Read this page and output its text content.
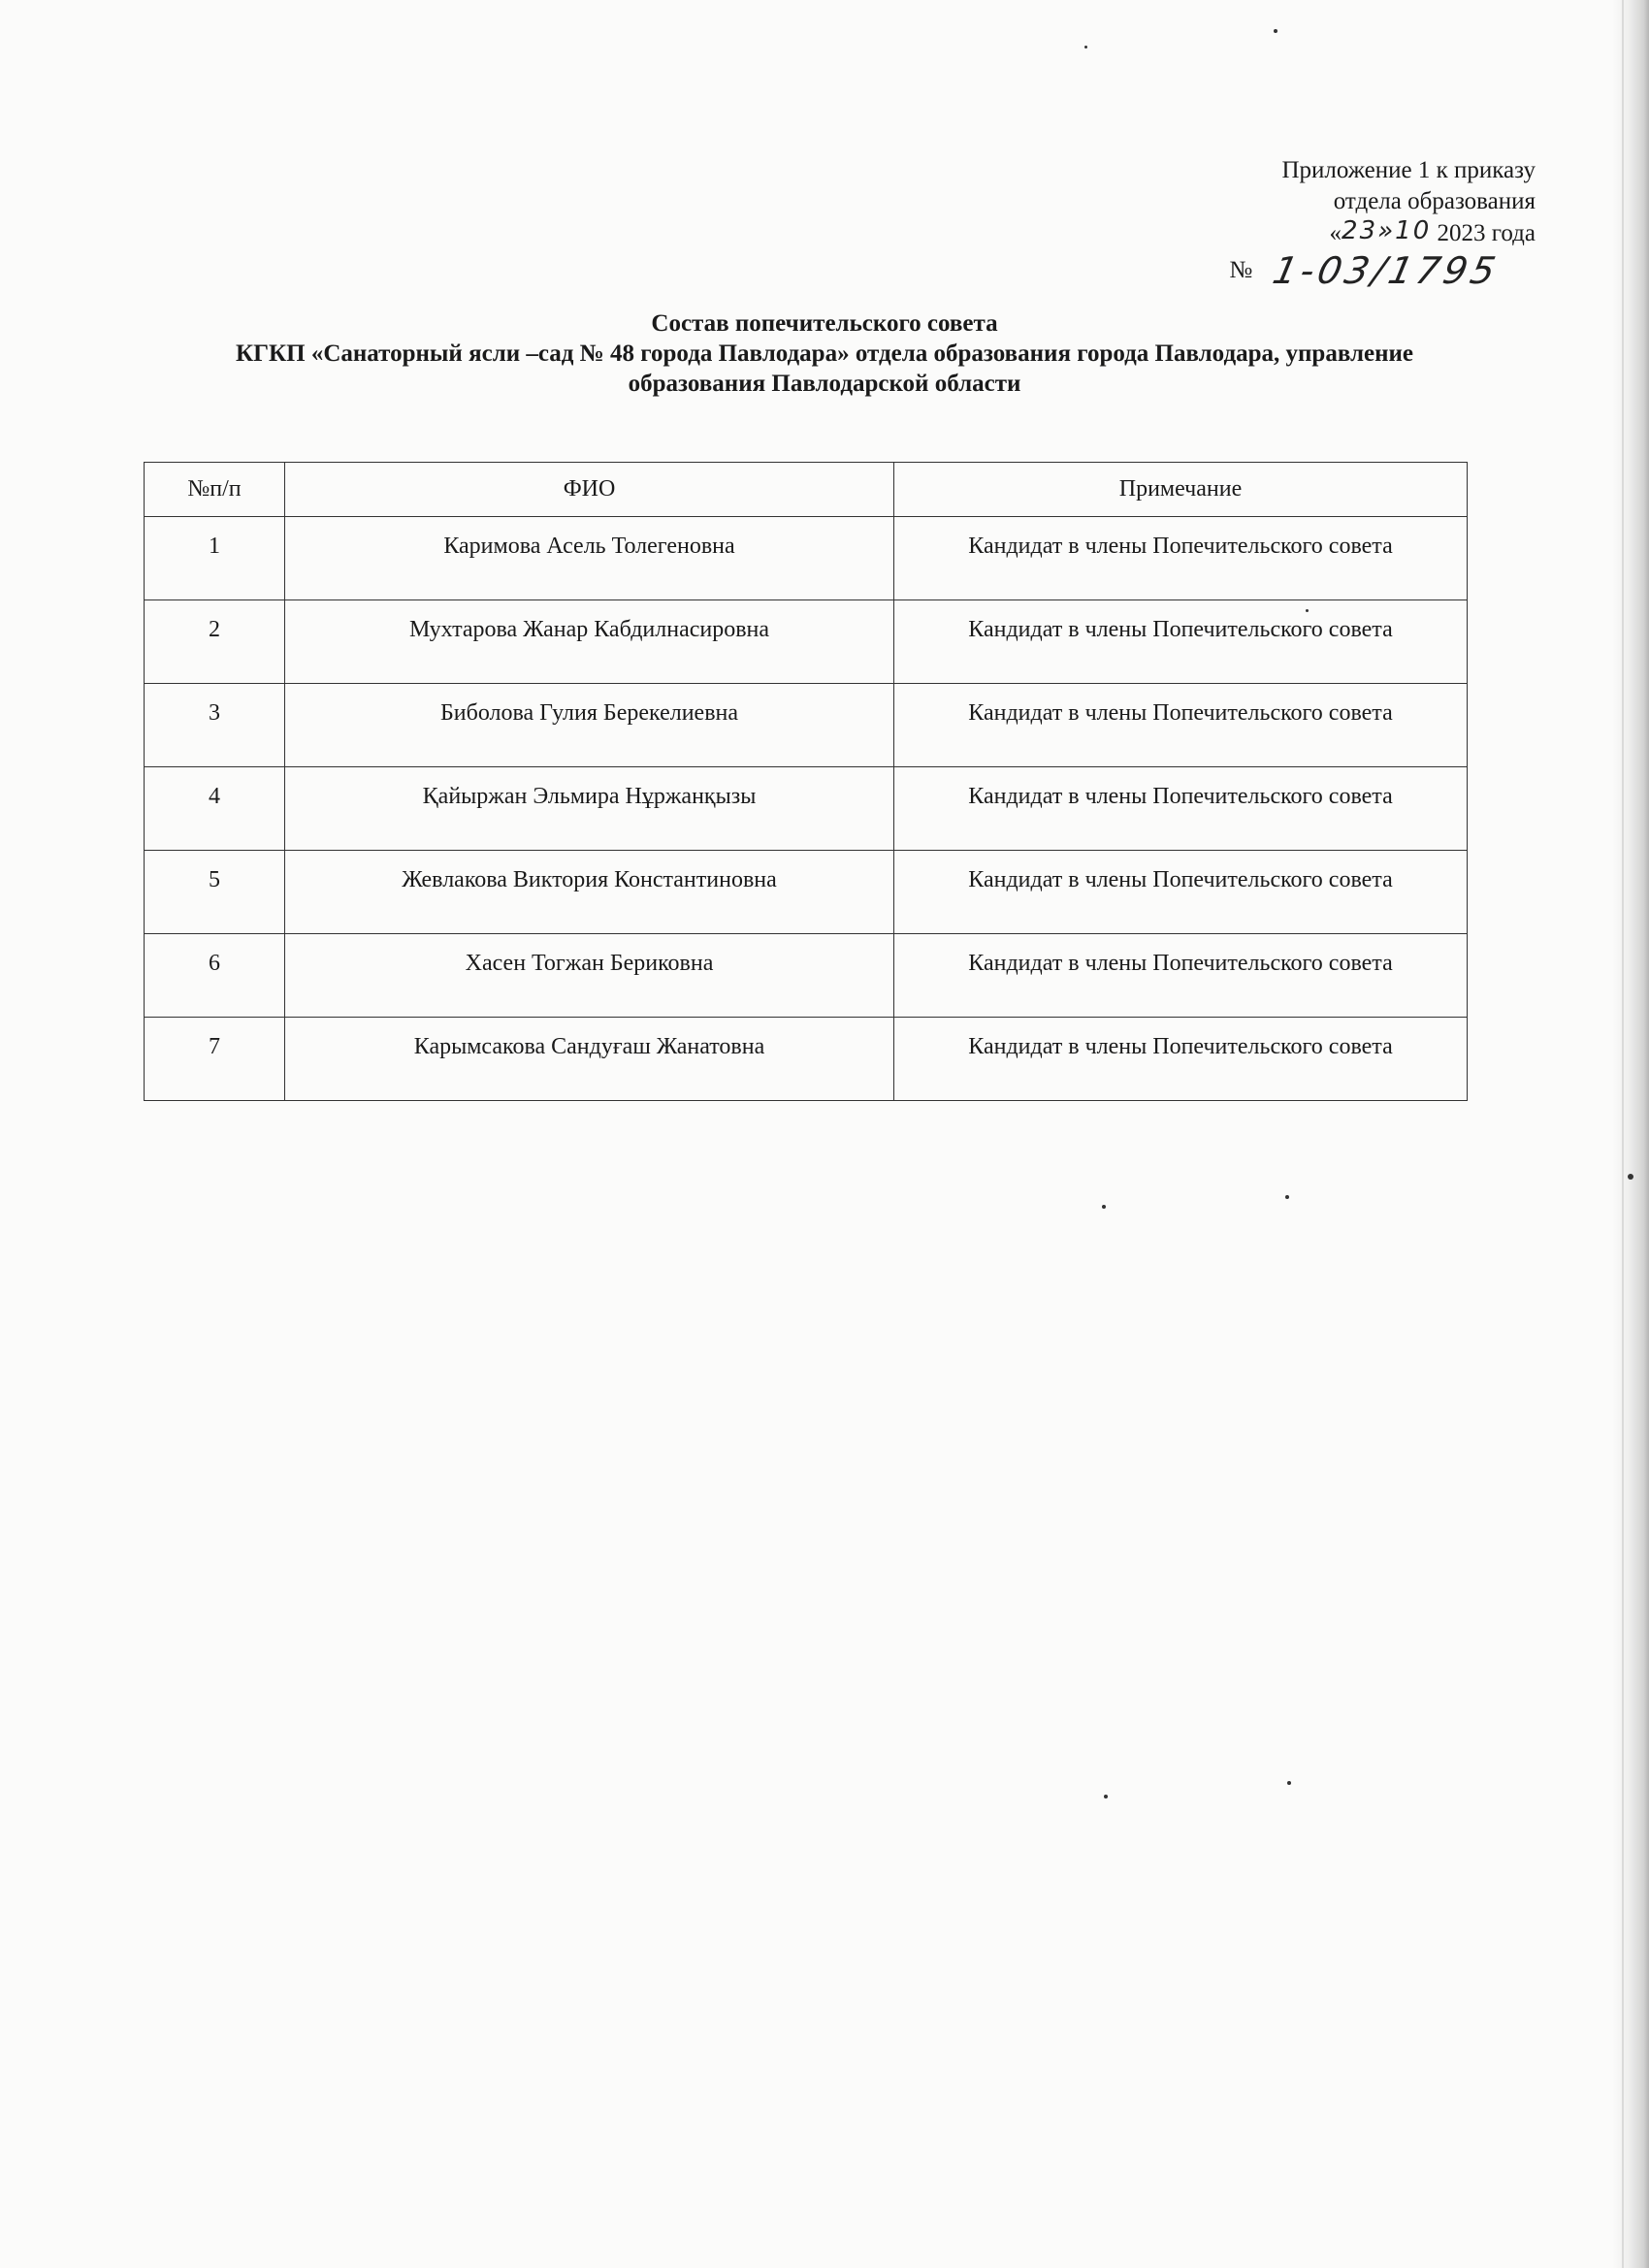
Приложение 1 к приказу
отдела образования
«23»10 2023 года
№ 1-03/1795
Состав попечительского совета
КГКП «Санаторный ясли –сад № 48 города Павлодара» отдела образования города Павлодара, управление
образования Павлодарской области
№п/п	ФИО	Примечание
1	Каримова Асель Толегеновна	Кандидат в члены Попечительского совета
2	Мухтарова Жанар Кабдилнасировна	Кандидат в члены Попечительского совета
3	Биболова Гулия Берекелиевна	Кандидат в члены Попечительского совета
4	Қайыржан Эльмира Нұржанқызы	Кандидат в члены Попечительского совета
5	Жевлакова Виктория Константиновна	Кандидат в члены Попечительского совета
6	Хасен Тогжан Бериковна	Кандидат в члены Попечительского совета
7	Карымсакова Сандуғаш Жанатовна	Кандидат в члены Попечительского совета
